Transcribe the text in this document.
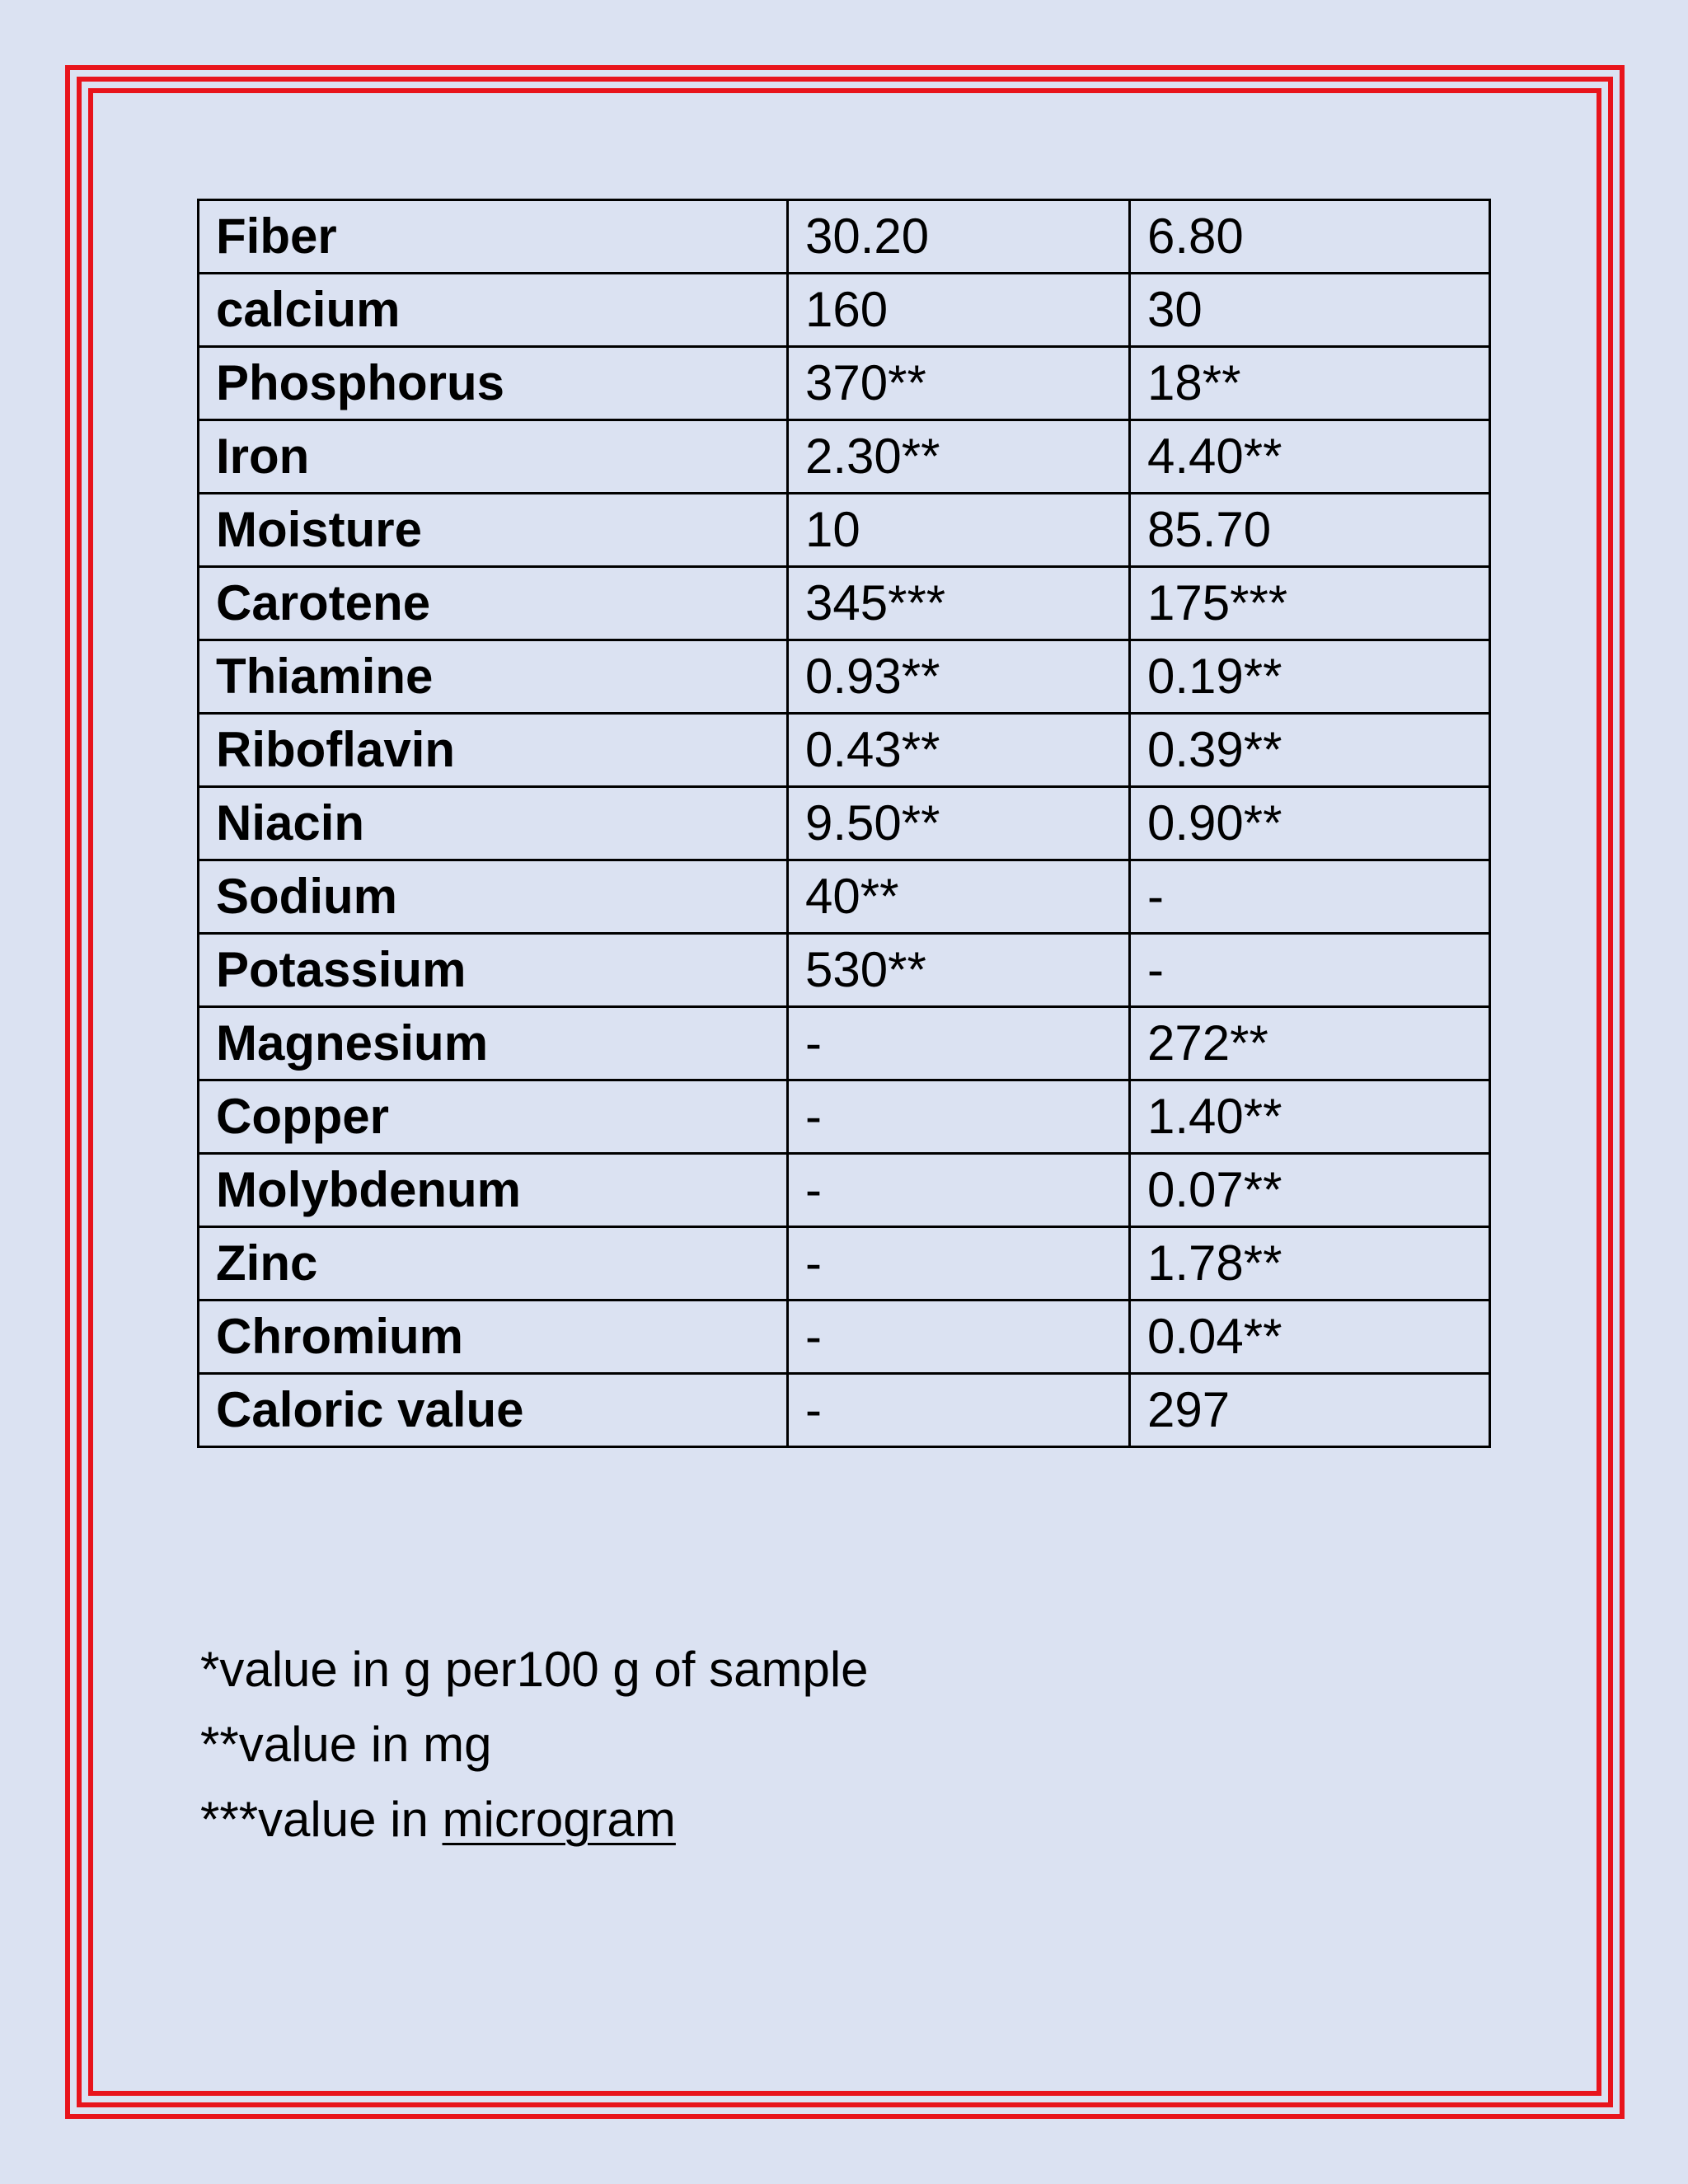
Fiber	30.20	6.80
calcium	160	30
Phosphorus	370**	18**
Iron	2.30**	4.40**
Moisture	10	85.70
Carotene	345***	175***
Thiamine	0.93**	0.19**
Riboflavin	0.43**	0.39**
Niacin	9.50**	0.90**
Sodium	40**	-
Potassium	530**	-
Magnesium	-	272**
Copper	-	1.40**
Molybdenum	-	0.07**
Zinc	-	1.78**
Chromium	-	0.04**
Caloric value	-	297
*value in g per100 g of sample
**value in mg
***value in microgram
